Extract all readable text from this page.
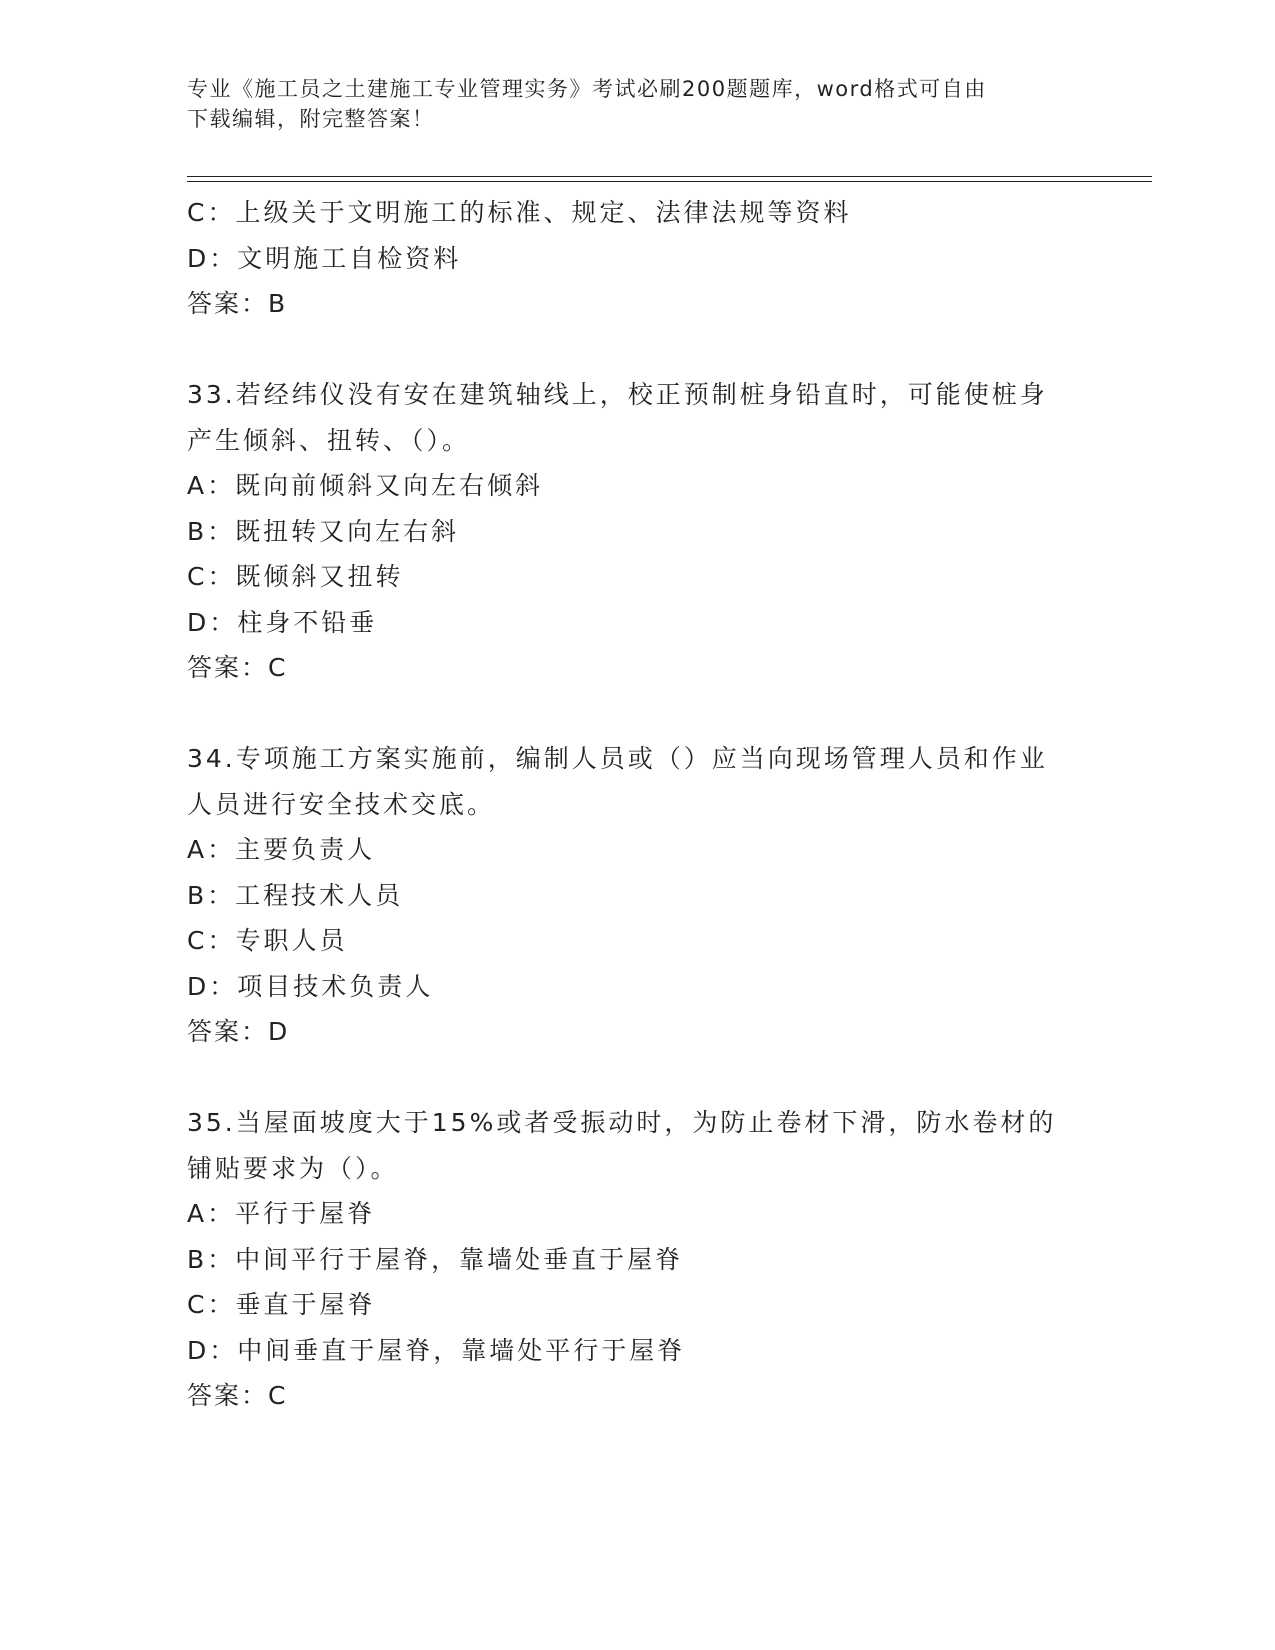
专业《施工员之土建施工专业管理实务》考试必刷200题题库，word格式可自由
下载编辑，附完整答案！
C：上级关于文明施工的标准、规定、法律法规等资料
D：文明施工自检资料
答案：B
33.若经纬仪没有安在建筑轴线上，校正预制桩身铅直时，可能使桩身
产生倾斜、扭转、（）。
A：既向前倾斜又向左右倾斜
B：既扭转又向左右斜
C：既倾斜又扭转
D：柱身不铅垂
答案：C
34.专项施工方案实施前，编制人员或（）应当向现场管理人员和作业
人员进行安全技术交底。
A：主要负责人
B：工程技术人员
C：专职人员
D：项目技术负责人
答案：D
35.当屋面坡度大于15%或者受振动时，为防止卷材下滑，防水卷材的
铺贴要求为（）。
A：平行于屋脊
B：中间平行于屋脊，靠墙处垂直于屋脊
C：垂直于屋脊
D：中间垂直于屋脊，靠墙处平行于屋脊
答案：C
